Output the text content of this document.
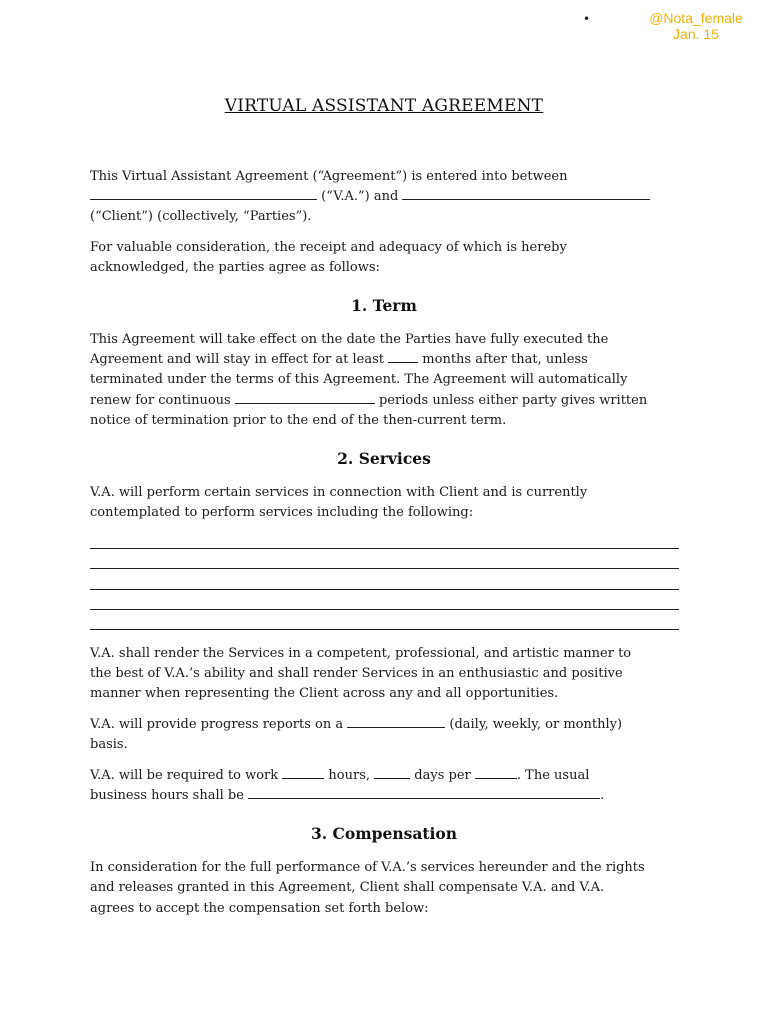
•	@Nota_female
Jan. 15
VIRTUAL ASSISTANT AGREEMENT
This Virtual Assistant Agreement (“Agreement”) is entered into between
(“V.A.”) and
(“Client”) (collectively, “Parties”).
For valuable consideration, the receipt and adequacy of which is hereby
acknowledged, the parties agree as follows:
1. Term
This Agreement will take effect on the date the Parties have fully executed the
Agreement and will stay in effect for at least	months after that, unless
terminated under the terms of this Agreement. The Agreement will automatically
renew for continuous	periods unless either party gives written
notice of termination prior to the end of the then-current term.
2. Services
V.A. will perform certain services in connection with Client and is currently
contemplated to perform services including the following:
V.A. shall render the Services in a competent, professional, and artistic manner to
the best of V.A.’s ability and shall render Services in an enthusiastic and positive
manner when representing the Client across any and all opportunities.
V.A. will provide progress reports on a	(daily, weekly, or monthly)
basis.
V.A. will be required to work	hours,	days per	. The usual
business hours shall be	.
3. Compensation
In consideration for the full performance of V.A.’s services hereunder and the rights
and releases granted in this Agreement, Client shall compensate V.A. and V.A.
agrees to accept the compensation set forth below:
